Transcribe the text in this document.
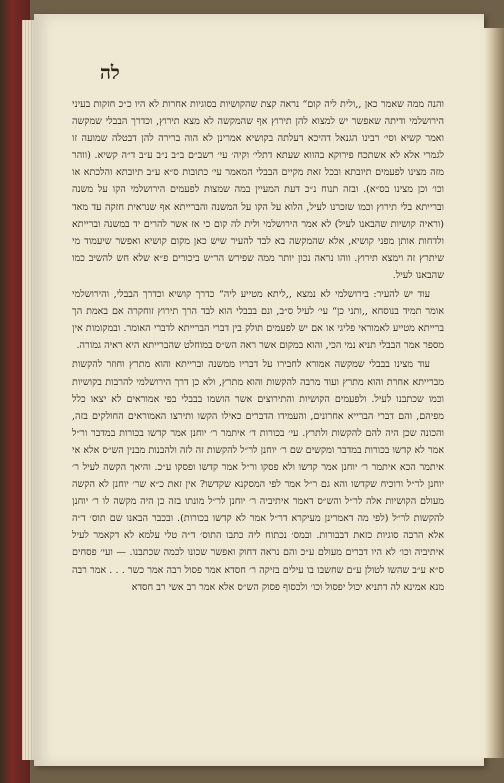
לה

והנה ממה שאמר כאן ,,ולית ליה קום“ נראה קצת שהקושיות בסוגיות אחרות לא היו כ״כ חזקות בעיני הירושלמי ודיתה שאפשר יש למצוא להן תירוץ אף שהמקשה לא מצא תירוץ, וכדרך הבבלי שמקשה ואמר קשיא וסי׳ רבינו הגנאל דהיכא דעלתה בקושיא אמרינן לא הוה ברירה להן דבטלה שמועה זו לגמרי אלא לא אשתכח פירוקא בהווא שעתא דתלי׳ וקיה׳ עי׳ רשב״ם ב״ב נ״ב ע״ב ד״ה קשיא. (ווהר מזה מצינו לפעמים תיובתא ובכל זאת מקיים הבבלי המאמר עי׳ כתובות ס״א ע״ב תיובתא והלכתא או וכו׳ וכן מצינו בס״א). ובזה תנוח נ״כ דעת המעיין במה שמצות לפעמים הירושלמי הקו על משנה וברייתא בלי תירוץ וכמו שזכרנו לעיל, הלוא על הקו על המשנה והברייתא אף שנראית חזקה עד מאד (וראיה קושיות שהבאנו לעיל) לא אמר הירושלמי ולית לה קום כי אז אשר להרים יד במשנה וברייתא ולדחות אותן מפני קושיא, אלא שהמקשה בא לבד להעיר שיש כאן מקום קושיא ואפשר שיעמוד מי שיתרץ זה וימצא תירוץ. ווהו נראה נכון יותר ממה שפירש הר״ש ביכורים פ״א שלא חש להשיב כמו שהבאנו לעיל.

עוד יש להעיר: בירושלמי לא נמצא ,,ליתא מטייע ליה“ כדרך קושיא וכדרך הבבלי, והירושלמי אומר תמיד בנוסחא ,,ותני כן“ עי׳ לעיל ס״ב, ונם בבבלי הוא לבד הרך תירוץ זוחקרה אם באמת הך ברייתא מטייע לאמוראי פליגי או אם יש לפעמים תולק בין דברי הברייתא לדברי האומר. ובמקומות אין מספר אמר הבבלי תניא נמי הכי, והוא במקום אשר ראה הש״ס במוחלט שהברייתא היא ראיה גמורה.

עוד מצינו בבבלי שמקשה אמורא לחבירו על דבריו ממשנה וברייתא והוא מתרץ וחוזר להקשות מברייתא אחרת והוא מתרץ ועוד מרבה להקשות והוא מתרץ, ולא כן דרך הירושלמי להרבות בקושיות וכמו שכתבנו לעיל. ולפעמים הקושיות והתירוצים אשר הושמו בבבלי בפי אמוראים לא יצאו כלל מפיהם, והם דברי הברייא אחרונים, והעמידו הדברים כאילו הקשו ותירצו האמוראים החולקים בזה, והכונה שכן היה להם להקשות ולתרץ. עי׳ בכורות ד׳ איתמר ר׳ יוחנן אמר קדשו בכורות במדבר ור״ל אמר לא קדשו בכורות במדבר ומקשים שם ר׳ יוחנן לר״ל להקשות זה לזה ולהבנות מבנין הש״ס אלא אי איתמר הכא איתמר ר׳ יוחנן אמר קדשו ולא פסקו ור״ל אמר קדשו ופסקו ע״כ. והיאך הקשה לעיל ר׳ יוחנן לר״ל ורוכיח שקדשו והא גם ר״ל אמר לפי המסקנא שקדשו? אין זאת כ״א שר׳ יוחנן לא הקשה מעולם הקושיות אלה לר״ל והש״ס דאמר איתיביה ר׳ יוחנן לר״ל מונתו בזה כן היה מקשה לו ר׳ יוחנן להקשות לר״ל (לפי מה דאמרינן מעיקרא דר״ל אמר לא קדשו בכורות). ובכבר הבאנו שם תוס׳ ד״ה אלא הרבה סוגיות כזאת דבבורות. ובמס׳ נכתוח ליה כתבו התוס׳ ד״ה טלי עלמא לא דקאמר לעיל איתיביה וכו׳ לא היו דברים מעולם ע״כ והם נראה דחוק ואפשר שכונו לכמה שכתבנו. — ועי׳ פסחים ס״א ע״ב שהשו לטולן ע״ם שחשבו בו עילים בזיקה ר׳ חסדא אמר פסול רבה אמר כשר . . . אמר רבה מנא אמינא לה דתניא יכול יפסול וכו׳ ולכסוף פסוק הש״ס אלא אמר רב אשי רב חסדא
